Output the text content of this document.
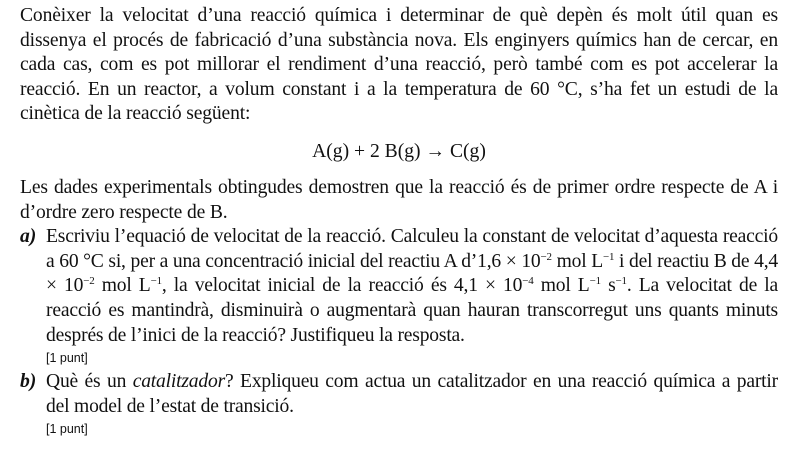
Conèixer la velocitat d’una reacció química i determinar de què depèn és molt útil quan es dissenya el procés de fabricació d’una substància nova. Els enginyers químics han de cercar, en cada cas, com es pot millorar el rendiment d’una reacció, però també com es pot accelerar la reacció. En un reactor, a volum constant i a la temperatura de 60 °C, s’ha fet un estudi de la cinètica de la reacció següent:

A(g) + 2 B(g) → C(g)

Les dades experimentals obtingudes demostren que la reacció és de primer ordre respecte de A i d’ordre zero respecte de B.

a) Escriviu l’equació de velocitat de la reacció. Calculeu la constant de velocitat d’aquesta reacció a 60 °C si, per a una concentració inicial del reactiu A d’1,6 × $10^{-2}$ mol $L^{-1}$ i del reactiu B de $4,4 \times 10^{-2}$ mol $L^{-1}$, la velocitat inicial de la reacció és $4,1 \times 10^{-4}$ mol $L^{-1}$ $s^{-1}$. La velocitat de la reacció es mantindrà, disminuirà o augmentarà quan hauran transcorregut uns quants minuts després de l’inici de la reacció? Justifiqueu la resposta.

[1 punt]

b) Què és un catalitzador? Expliqueu com actua un catalitzador en una reacció química a partir del model de l’estat de transició.

[1 punt]
